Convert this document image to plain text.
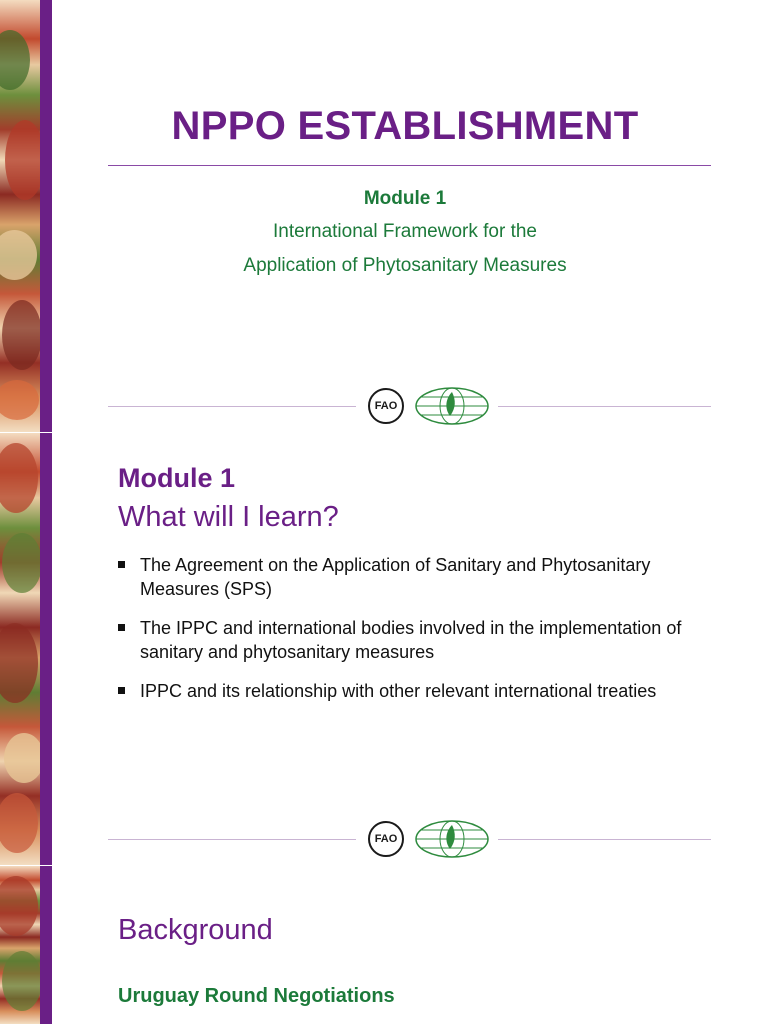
NPPO ESTABLISHMENT
Module 1
International Framework for the
Application of Phytosanitary Measures
FAO
Module 1
What will I learn?
The Agreement on the Application of Sanitary and Phytosanitary Measures (SPS)
The IPPC and international bodies involved in the implementation of sanitary and phytosanitary measures
IPPC and its relationship with other relevant international treaties
FAO
Background
Uruguay Round Negotiations
